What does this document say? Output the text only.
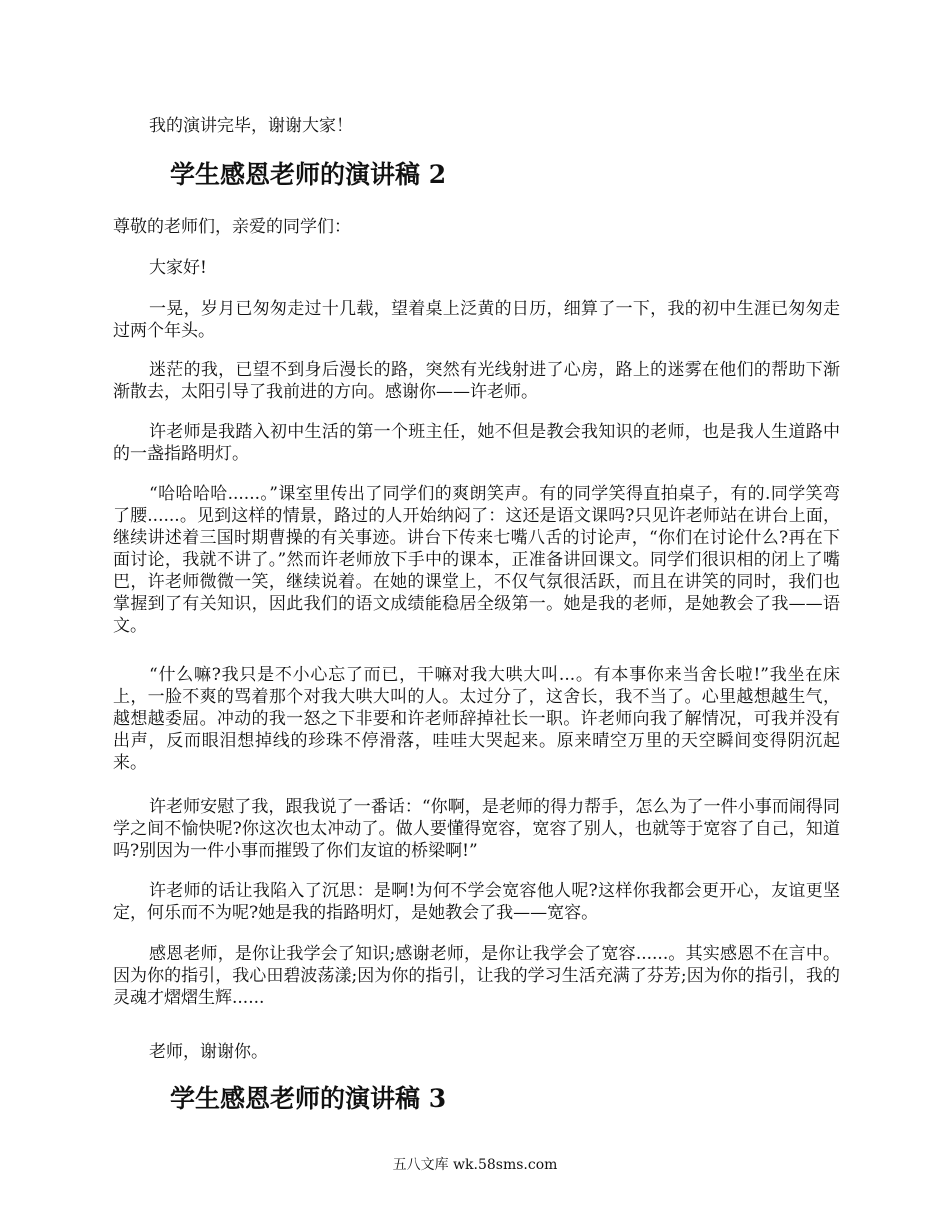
我的演讲完毕，谢谢大家！

学生感恩老师的演讲稿 2

尊敬的老师们，亲爱的同学们：

大家好!

一晃，岁月已匆匆走过十几载，望着桌上泛黄的日历，细算了一下，我的初中生涯已匆匆走过两个年头。

迷茫的我，已望不到身后漫长的路，突然有光线射进了心房，路上的迷雾在他们的帮助下渐渐散去，太阳引导了我前进的方向。感谢你——许老师。

许老师是我踏入初中生活的第一个班主任，她不但是教会我知识的老师，也是我人生道路中的一盏指路明灯。

“哈哈哈哈......。”课室里传出了同学们的爽朗笑声。有的同学笑得直拍桌子，有的.同学笑弯了腰......。见到这样的情景，路过的人开始纳闷了：这还是语文课吗?只见许老师站在讲台上面，继续讲述着三国时期曹操的有关事迹。讲台下传来七嘴八舌的讨论声，“你们在讨论什么?再在下面讨论，我就不讲了。”然而许老师放下手中的课本，正准备讲回课文。同学们很识相的闭上了嘴巴，许老师微微一笑，继续说着。在她的课堂上，不仅气氛很活跃，而且在讲笑的同时，我们也掌握到了有关知识，因此我们的语文成绩能稳居全级第一。她是我的老师，是她教会了我——语文。

“什么嘛?我只是不小心忘了而已，干嘛对我大哄大叫...。有本事你来当舍长啦!”我坐在床上，一脸不爽的骂着那个对我大哄大叫的人。太过分了，这舍长，我不当了。心里越想越生气，越想越委屈。冲动的我一怒之下非要和许老师辞掉社长一职。许老师向我了解情况，可我并没有出声，反而眼泪想掉线的珍珠不停滑落，哇哇大哭起来。原来晴空万里的天空瞬间变得阴沉起来。

许老师安慰了我，跟我说了一番话：“你啊，是老师的得力帮手，怎么为了一件小事而闹得同学之间不愉快呢?你这次也太冲动了。做人要懂得宽容，宽容了别人，也就等于宽容了自己，知道吗?别因为一件小事而摧毁了你们友谊的桥梁啊!”

许老师的话让我陷入了沉思：是啊!为何不学会宽容他人呢?这样你我都会更开心，友谊更坚定，何乐而不为呢?她是我的指路明灯，是她教会了我——宽容。

感恩老师，是你让我学会了知识;感谢老师，是你让我学会了宽容......。其实感恩不在言中。因为你的指引，我心田碧波荡漾;因为你的指引，让我的学习生活充满了芬芳;因为你的指引，我的灵魂才熠熠生辉......

老师，谢谢你。

学生感恩老师的演讲稿 3
五八文库 wk.58sms.com
